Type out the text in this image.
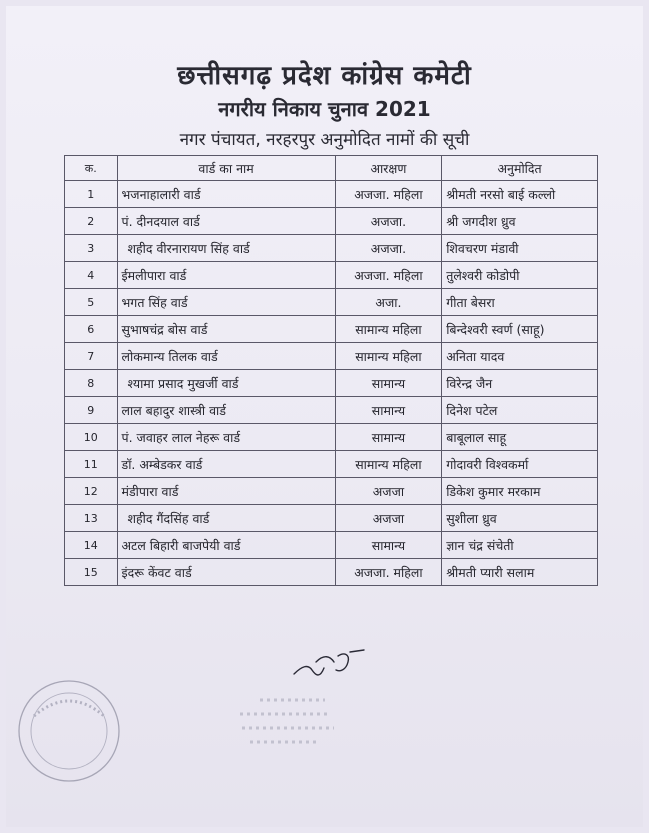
छत्तीसगढ़ प्रदेश कांग्रेस कमेटी
नगरीय निकाय चुनाव 2021
नगर पंचायत, नरहरपुर अनुमोदित नामों की सूची
क.	वार्ड का नाम	आरक्षण	अनुमोदित
1	भजनाहालारी वार्ड	अजजा. महिला	श्रीमती नरसो बाई कल्लो
2	पं. दीनदयाल वार्ड	अजजा.	श्री जगदीश ध्रुव
3	शहीद वीरनारायण सिंह वार्ड	अजजा.	शिवचरण मंडावी
4	ईमलीपारा वार्ड	अजजा. महिला	तुलेश्वरी कोडोपी
5	भगत सिंह वार्ड	अजा.	गीता बेसरा
6	सुभाषचंद्र बोस वार्ड	सामान्य महिला	बिन्देश्वरी स्वर्ण (साहू)
7	लोकमान्य तिलक वार्ड	सामान्य महिला	अनिता यादव
8	श्यामा प्रसाद मुखर्जी वार्ड	सामान्य	विरेन्द्र जैन
9	लाल बहादुर शास्त्री वार्ड	सामान्य	दिनेश पटेल
10	पं. जवाहर लाल नेहरू वार्ड	सामान्य	बाबूलाल साहू
11	डॉ. अम्बेडकर वार्ड	सामान्य महिला	गोदावरी विश्वकर्मा
12	मंडीपारा वार्ड	अजजा	डिकेश कुमार मरकाम
13	शहीद गैंदसिंह वार्ड	अजजा	सुशीला ध्रुव
14	अटल बिहारी बाजपेयी वार्ड	सामान्य	ज्ञान चंद्र संचेती
15	इंदरू केंवट वार्ड	अजजा. महिला	श्रीमती प्यारी सलाम
